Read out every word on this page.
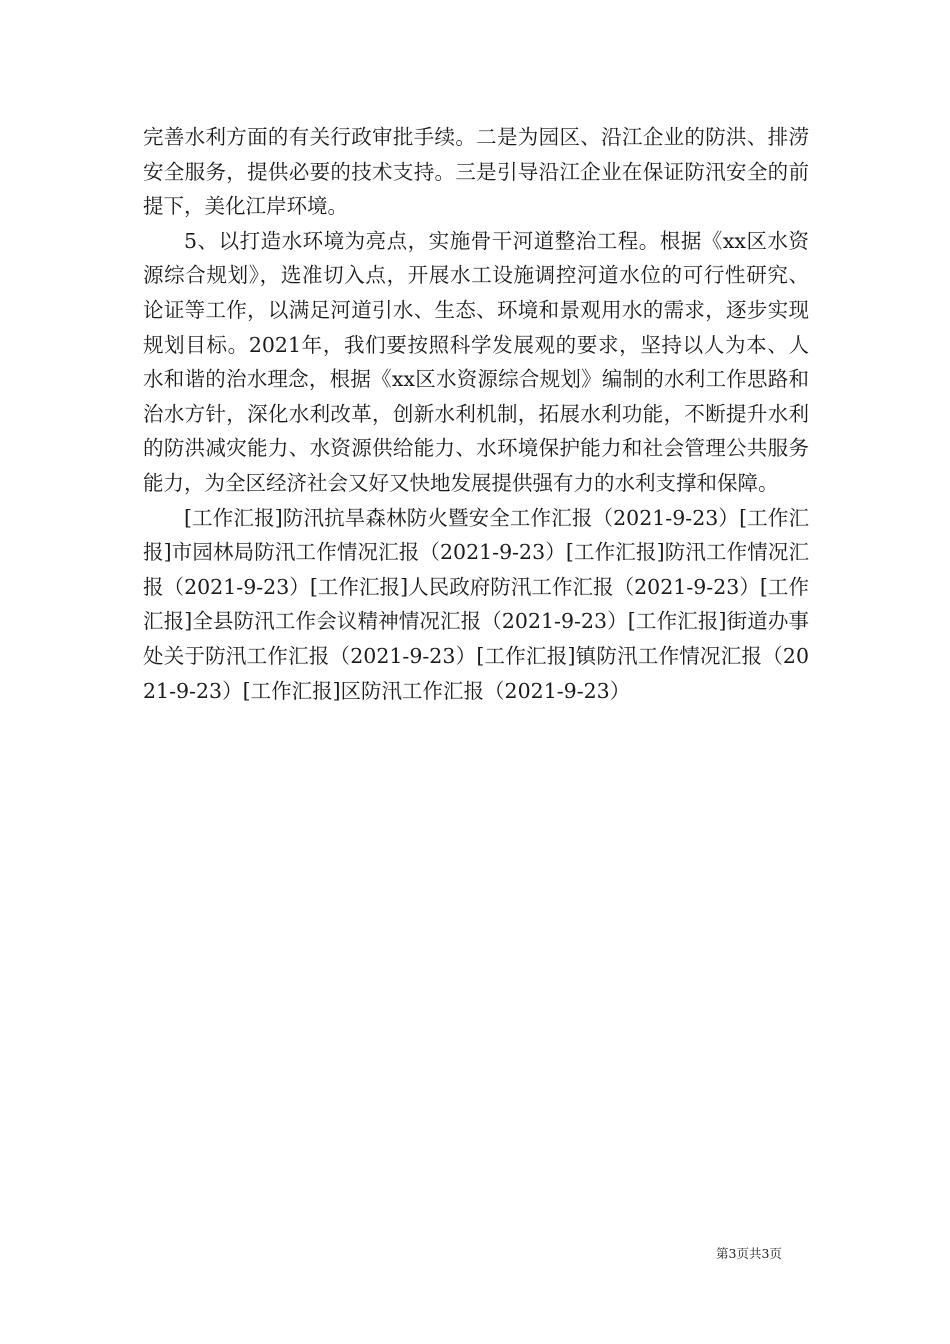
完善水利方面的有关行政审批手续。二是为园区、沿江企业的防洪、排涝安全服务，提供必要的技术支持。三是引导沿江企业在保证防汛安全的前提下，美化江岸环境。

5、以打造水环境为亮点，实施骨干河道整治工程。根据《xx区水资源综合规划》，选准切入点，开展水工设施调控河道水位的可行性研究、论证等工作，以满足河道引水、生态、环境和景观用水的需求，逐步实现规划目标。2021年，我们要按照科学发展观的要求，坚持以人为本、人水和谐的治水理念，根据《xx区水资源综合规划》编制的水利工作思路和治水方针，深化水利改革，创新水利机制，拓展水利功能，不断提升水利的防洪减灾能力、水资源供给能力、水环境保护能力和社会管理公共服务能力，为全区经济社会又好又快地发展提供强有力的水利支撑和保障。

[工作汇报]防汛抗旱森林防火暨安全工作汇报（2021-9-23）[工作汇报]市园林局防汛工作情况汇报（2021-9-23）[工作汇报]防汛工作情况汇报（2021-9-23）[工作汇报]人民政府防汛工作汇报（2021-9-23）[工作汇报]全县防汛工作会议精神情况汇报（2021-9-23）[工作汇报]街道办事处关于防汛工作汇报（2021-9-23）[工作汇报]镇防汛工作情况汇报（2021-9-23）[工作汇报]区防汛工作汇报（2021-9-23）

第3页共3页
